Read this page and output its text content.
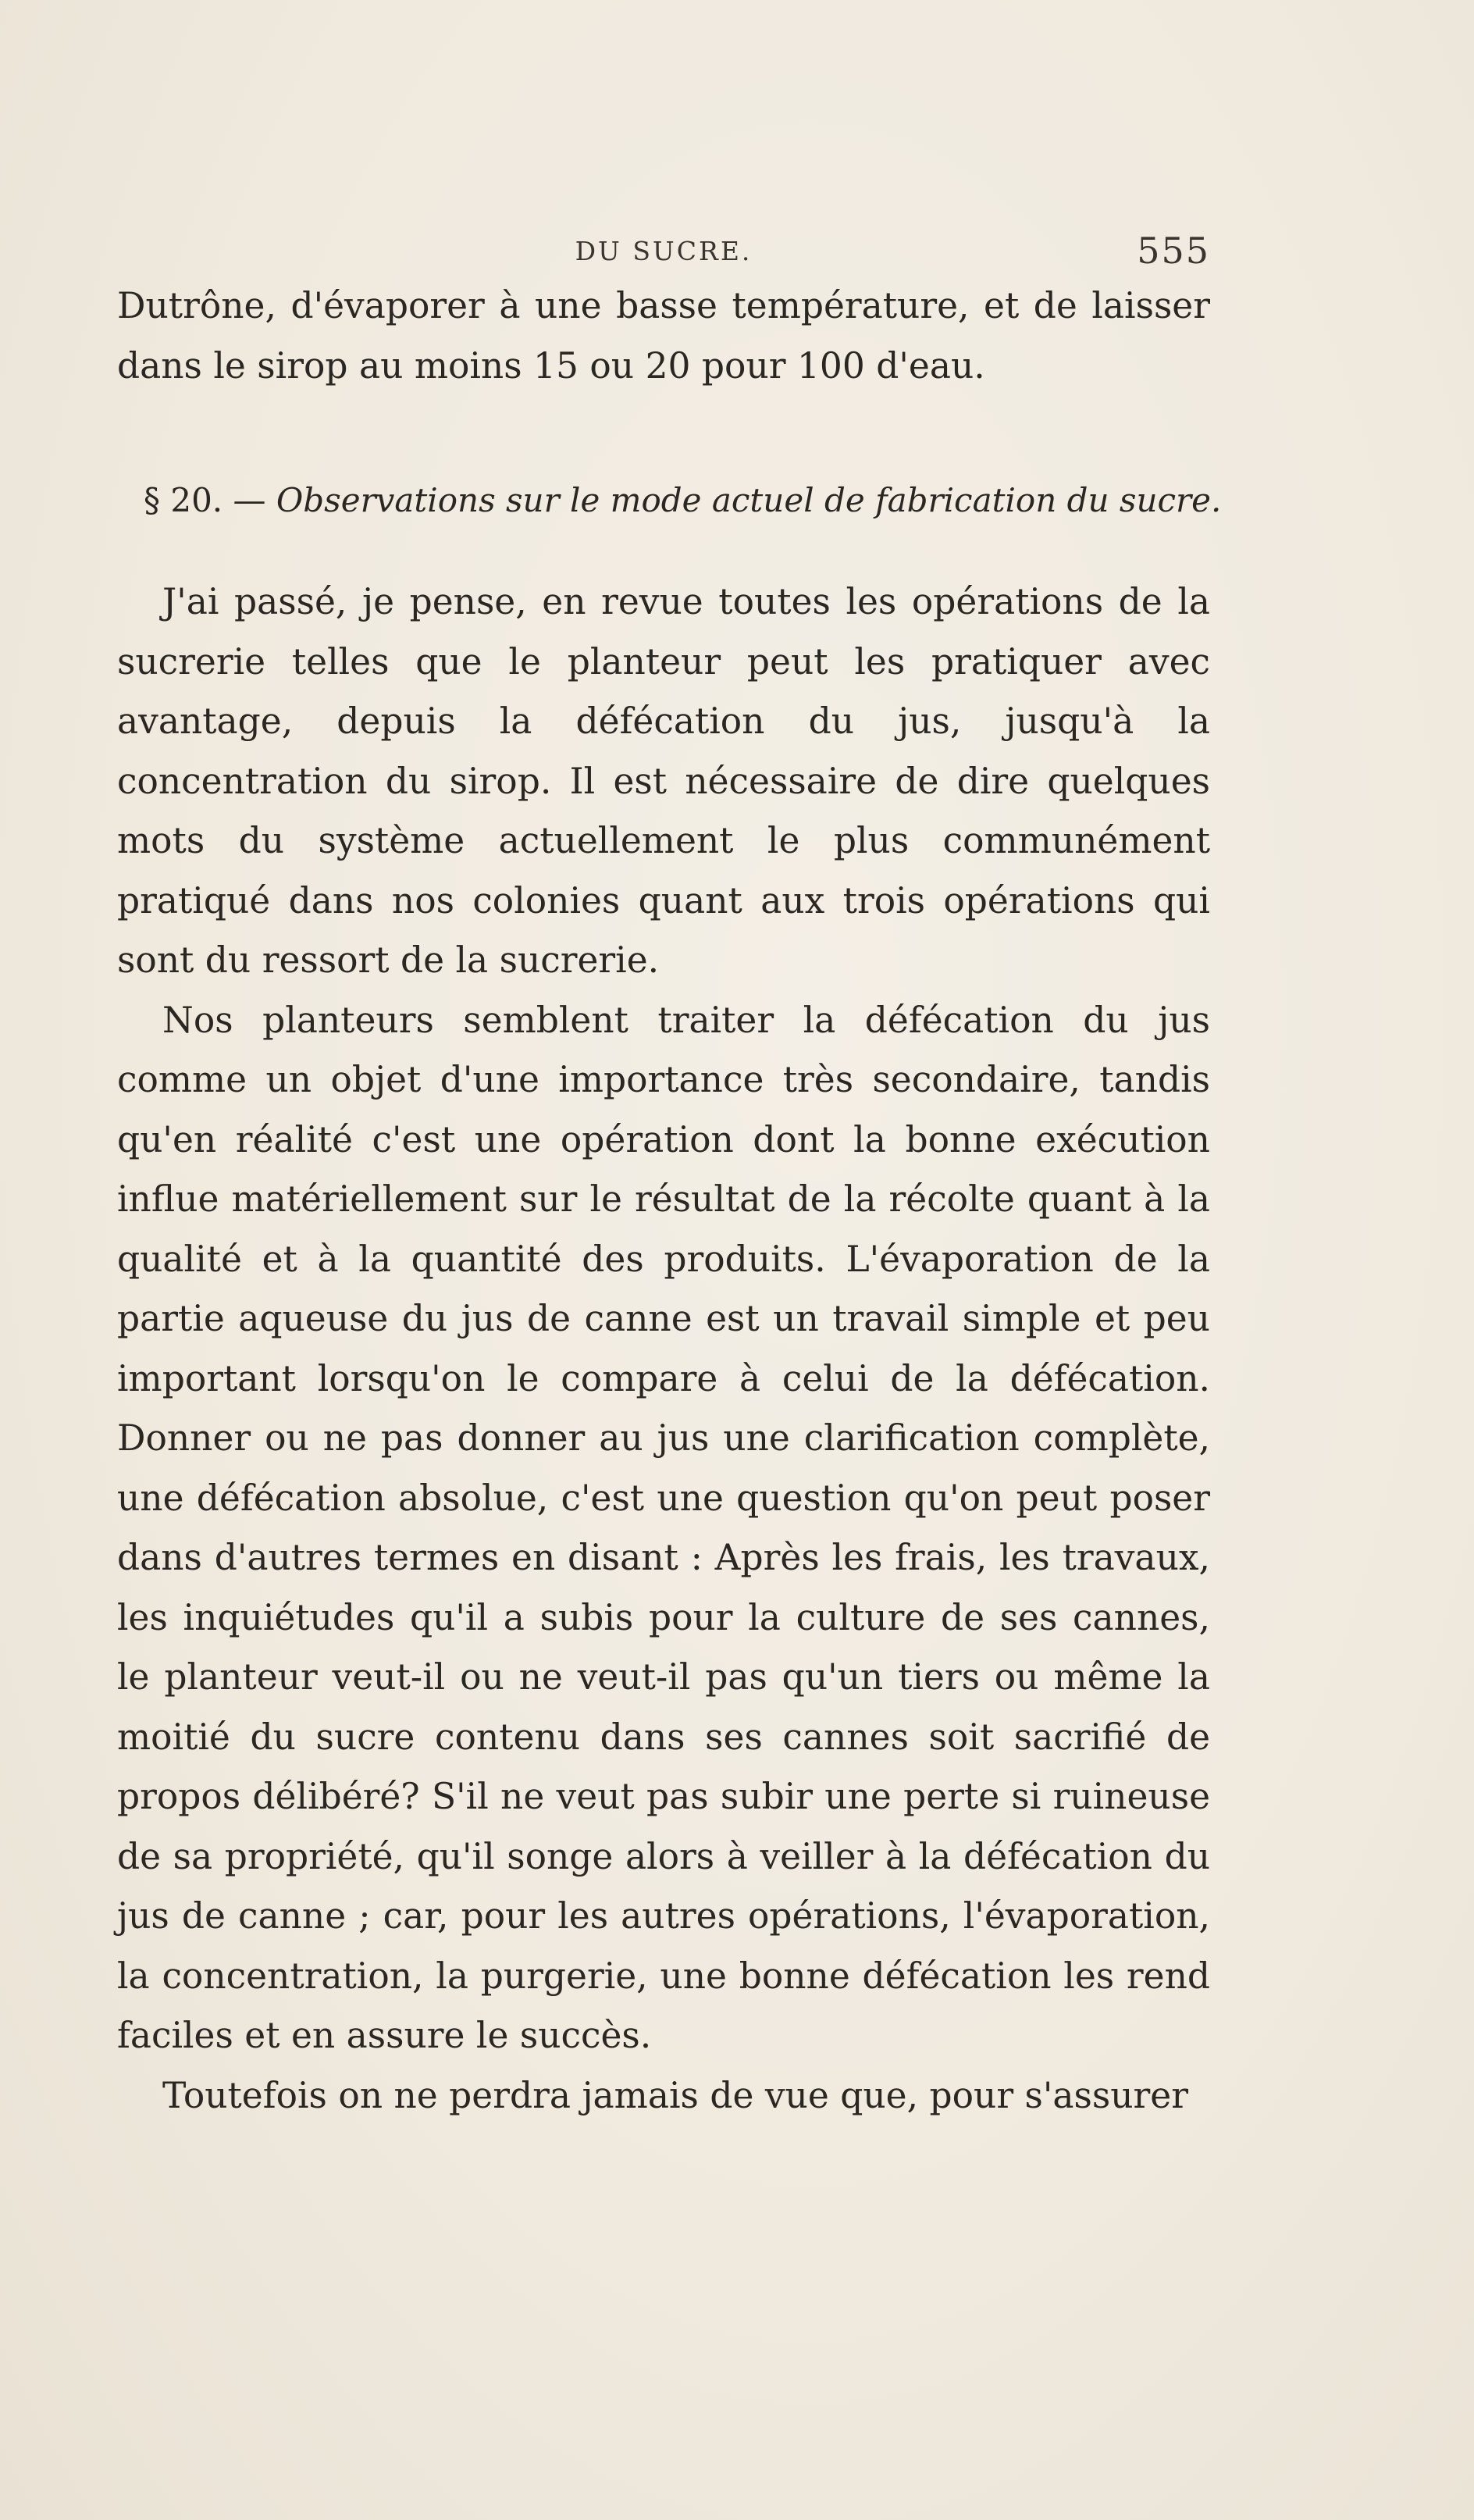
DU SUCRE.	555

Dutrône, d'évaporer à une basse température, et de laisser dans le sirop au moins 15 ou 20 pour 100 d'eau.

§ 20. — Observations sur le mode actuel de fabrication du sucre.

J'ai passé, je pense, en revue toutes les opérations de la sucrerie telles que le planteur peut les pratiquer avec avantage, depuis la défécation du jus, jusqu'à la concentration du sirop. Il est nécessaire de dire quelques mots du système actuellement le plus communément pratiqué dans nos colonies quant aux trois opérations qui sont du ressort de la sucrerie.

Nos planteurs semblent traiter la défécation du jus comme un objet d'une importance très secondaire, tandis qu'en réalité c'est une opération dont la bonne exécution influe matériellement sur le résultat de la récolte quant à la qualité et à la quantité des produits. L'évaporation de la partie aqueuse du jus de canne est un travail simple et peu important lorsqu'on le compare à celui de la défécation. Donner ou ne pas donner au jus une clarification complète, une défécation absolue, c'est une question qu'on peut poser dans d'autres termes en disant : Après les frais, les travaux, les inquiétudes qu'il a subis pour la culture de ses cannes, le planteur veut-il ou ne veut-il pas qu'un tiers ou même la moitié du sucre contenu dans ses cannes soit sacrifié de propos délibéré? S'il ne veut pas subir une perte si ruineuse de sa propriété, qu'il songe alors à veiller à la défécation du jus de canne ; car, pour les autres opérations, l'évaporation, la concentration, la purgerie, une bonne défécation les rend faciles et en assure le succès.

Toutefois on ne perdra jamais de vue que, pour s'assurer
